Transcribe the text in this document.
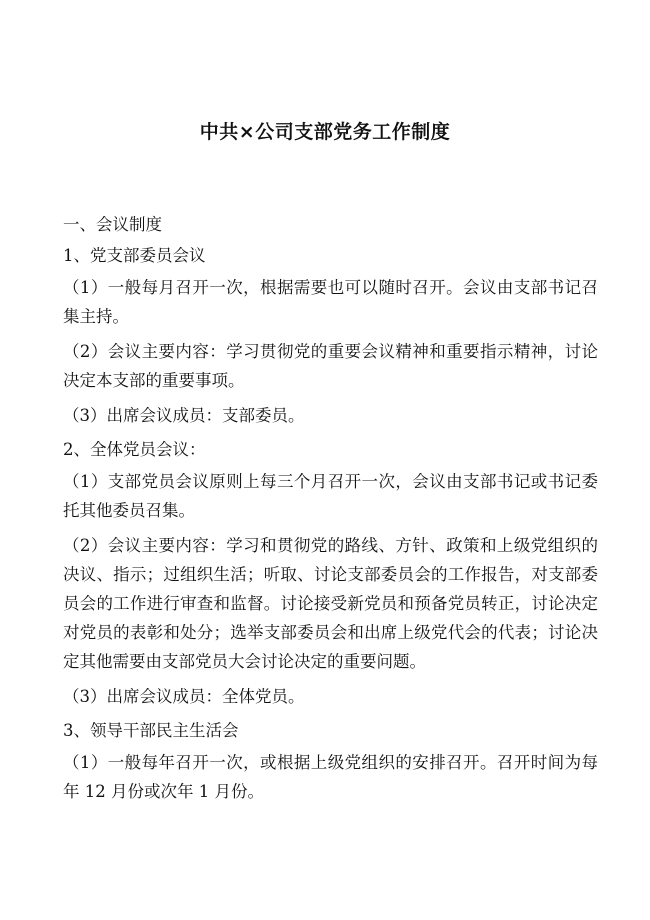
中共×公司支部党务工作制度
一、会议制度
1、党支部委员会议

（1）一般每月召开一次，根据需要也可以随时召开。会议由支部书记召集主持。

（2）会议主要内容：学习贯彻党的重要会议精神和重要指示精神，讨论决定本支部的重要事项。

（3）出席会议成员：支部委员。

2、全体党员会议：

（1）支部党员会议原则上每三个月召开一次，会议由支部书记或书记委托其他委员召集。

（2）会议主要内容：学习和贯彻党的路线、方针、政策和上级党组织的决议、指示；过组织生活；听取、讨论支部委员会的工作报告，对支部委员会的工作进行审查和监督。讨论接受新党员和预备党员转正，讨论决定对党员的表彰和处分；选举支部委员会和出席上级党代会的代表；讨论决定其他需要由支部党员大会讨论决定的重要问题。

（3）出席会议成员：全体党员。

3、领导干部民主生活会

（1）一般每年召开一次，或根据上级党组织的安排召开。召开时间为每年 12 月份或次年 1 月份。
